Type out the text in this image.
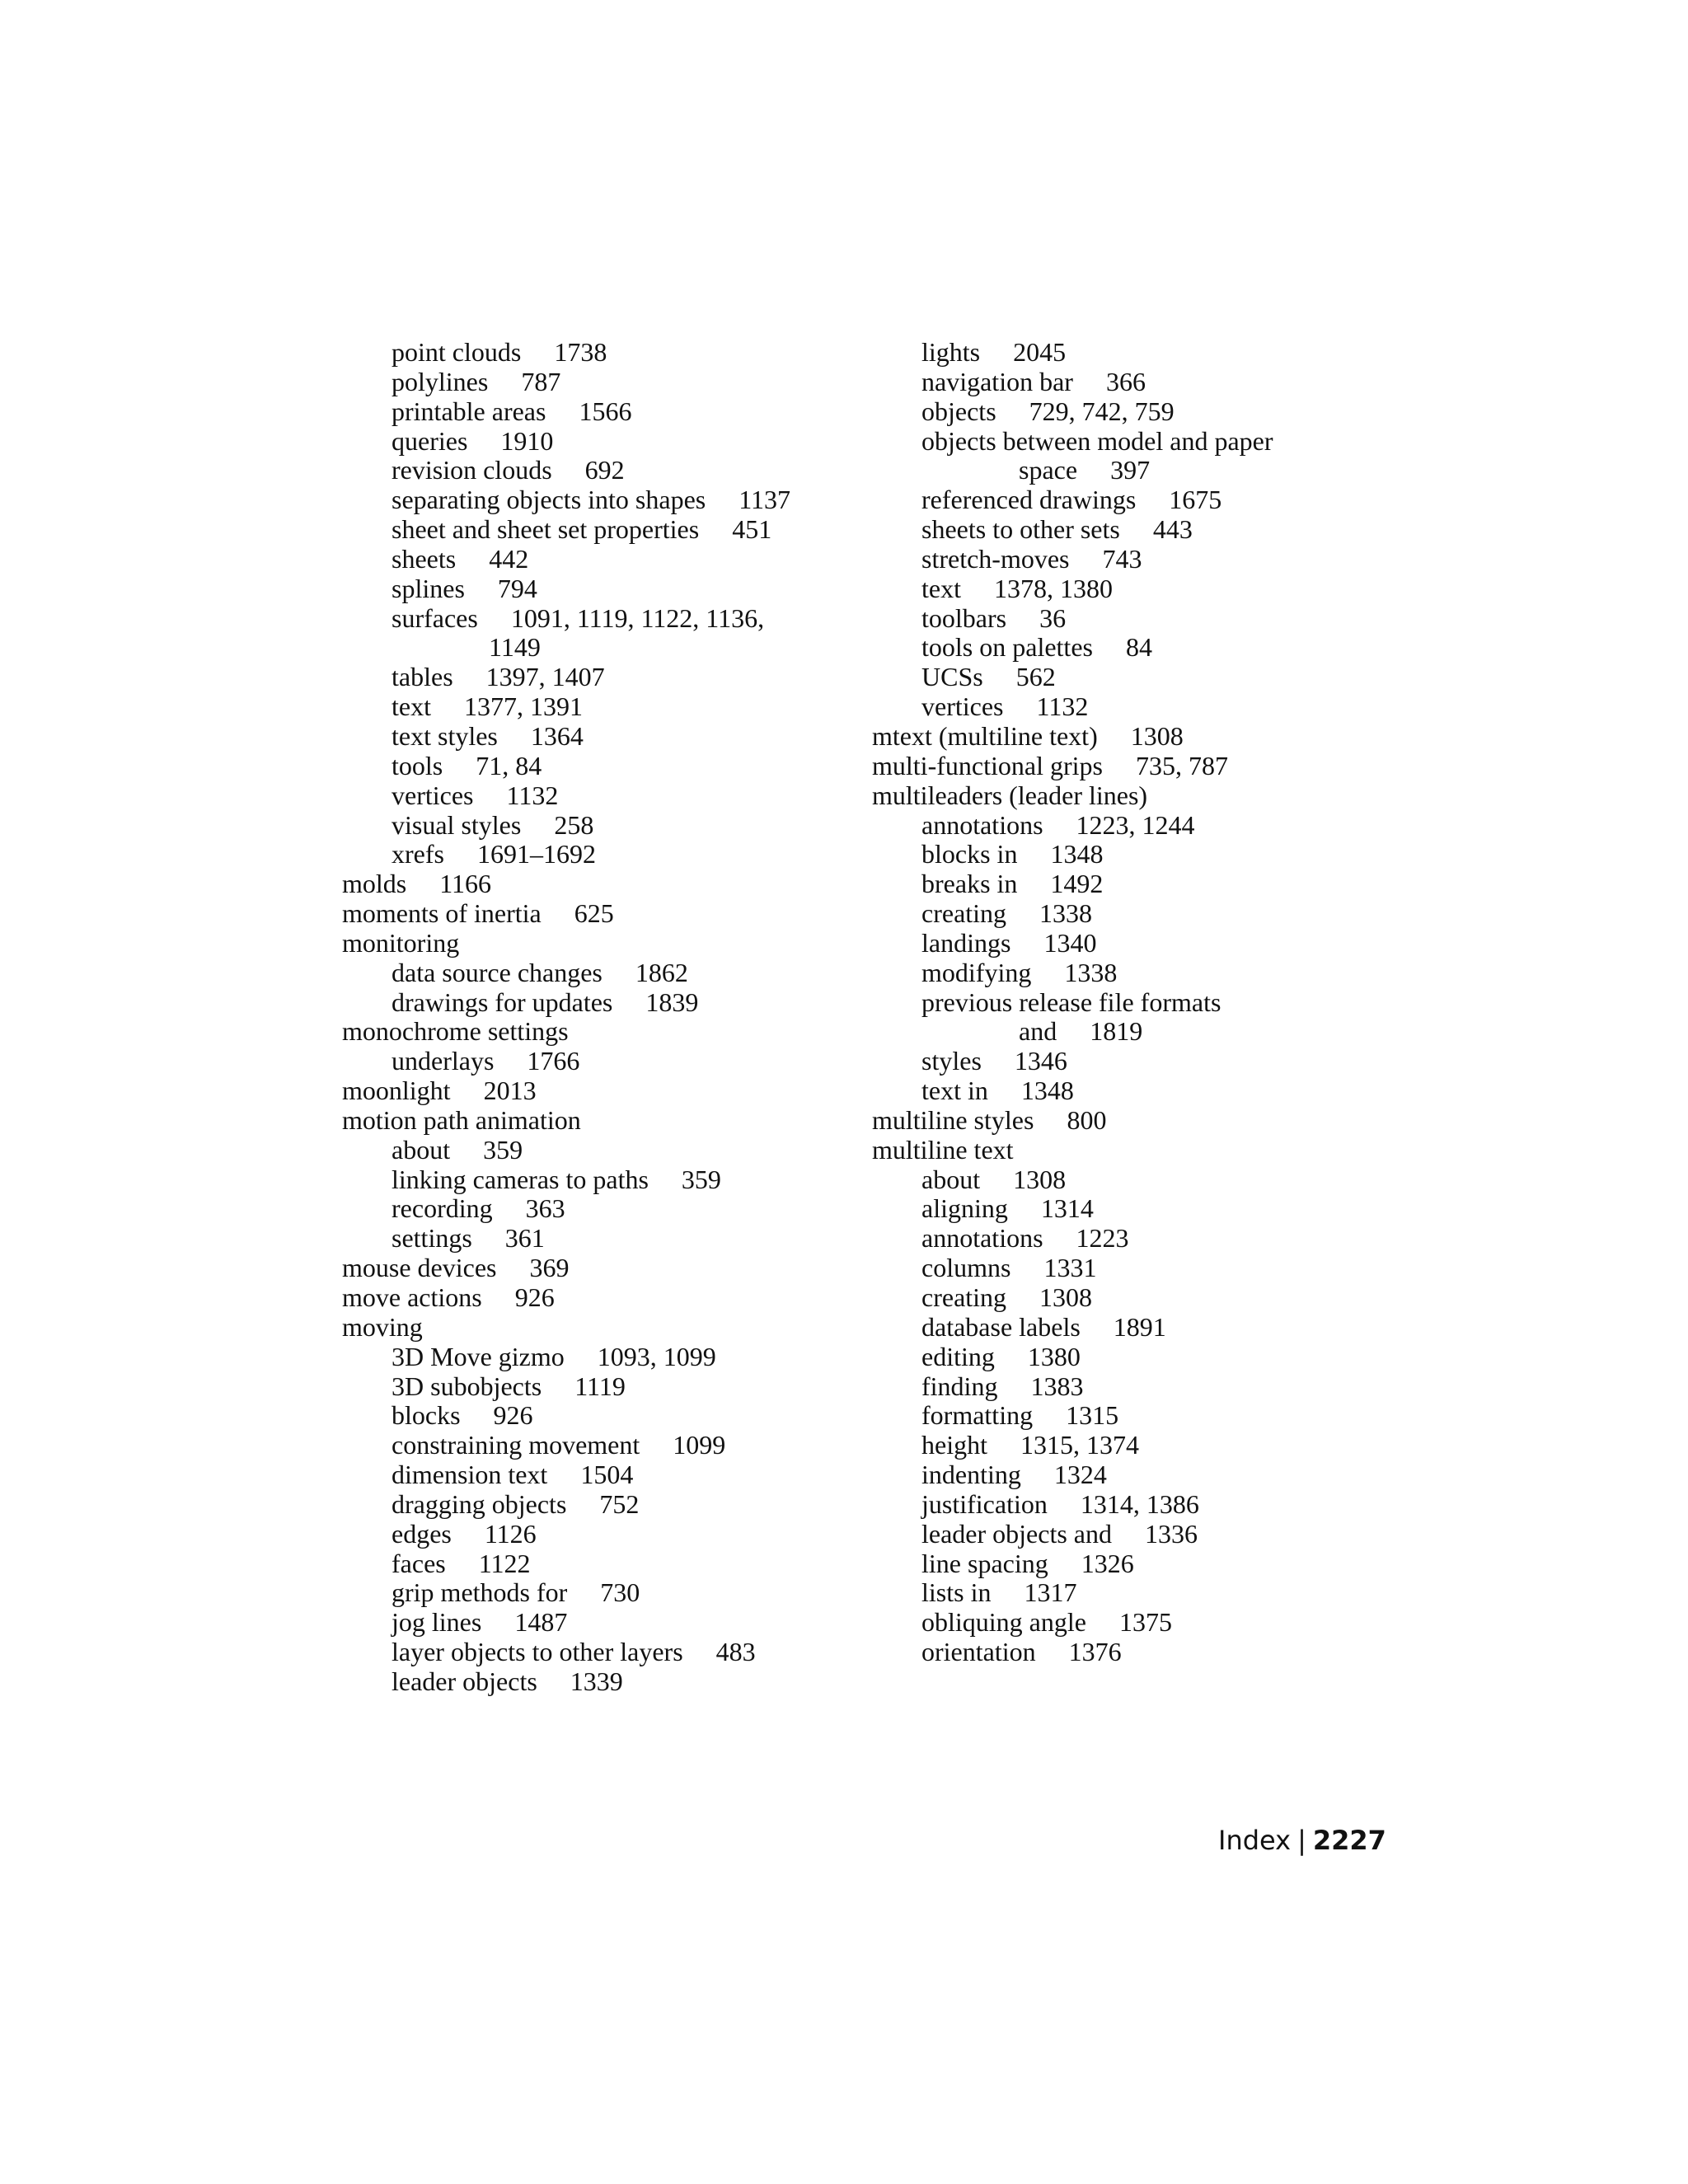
point clouds 1738
polylines 787
printable areas 1566
queries 1910
revision clouds 692
separating objects into shapes 1137
sheet and sheet set properties 451
sheets 442
splines 794
surfaces 1091, 1119, 1122, 1136,
1149
tables 1397, 1407
text 1377, 1391
text styles 1364
tools 71, 84
vertices 1132
visual styles 258
xrefs 1691–1692
molds 1166
moments of inertia 625
monitoring
data source changes 1862
drawings for updates 1839
monochrome settings
underlays 1766
moonlight 2013
motion path animation
about 359
linking cameras to paths 359
recording 363
settings 361
mouse devices 369
move actions 926
moving
3D Move gizmo 1093, 1099
3D subobjects 1119
blocks 926
constraining movement 1099
dimension text 1504
dragging objects 752
edges 1126
faces 1122
grip methods for 730
jog lines 1487
layer objects to other layers 483
leader objects 1339
lights 2045
navigation bar 366
objects 729, 742, 759
objects between model and paper
space 397
referenced drawings 1675
sheets to other sets 443
stretch-moves 743
text 1378, 1380
toolbars 36
tools on palettes 84
UCSs 562
vertices 1132
mtext (multiline text) 1308
multi-functional grips 735, 787
multileaders (leader lines)
annotations 1223, 1244
blocks in 1348
breaks in 1492
creating 1338
landings 1340
modifying 1338
previous release file formats
and 1819
styles 1346
text in 1348
multiline styles 800
multiline text
about 1308
aligning 1314
annotations 1223
columns 1331
creating 1308
database labels 1891
editing 1380
finding 1383
formatting 1315
height 1315, 1374
indenting 1324
justification 1314, 1386
leader objects and 1336
line spacing 1326
lists in 1317
obliquing angle 1375
orientation 1376
Index | 2227
